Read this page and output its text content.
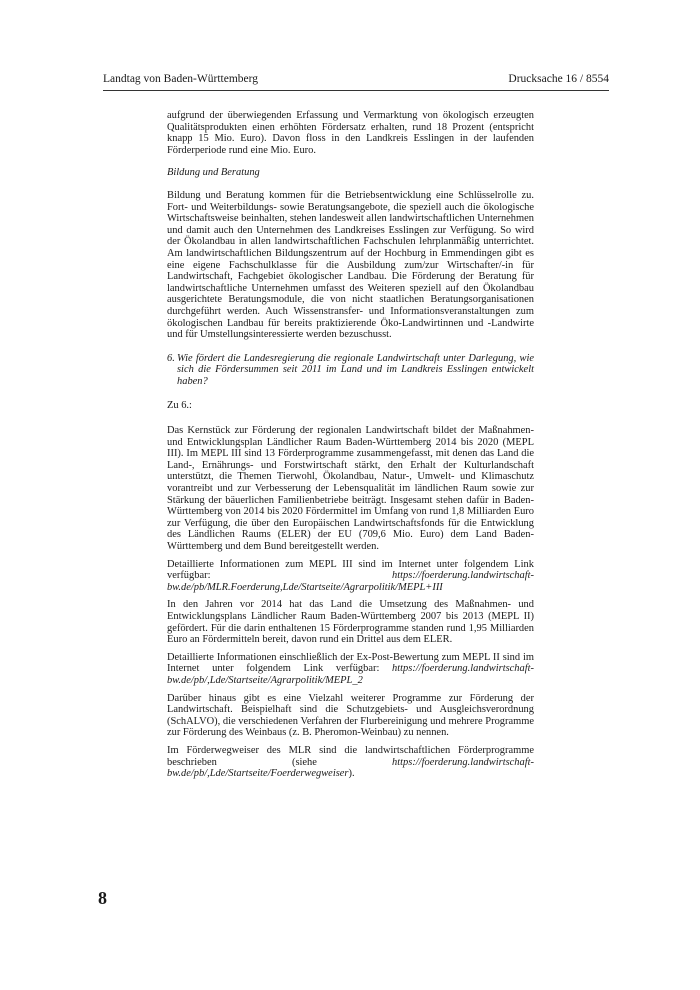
Landtag von Baden-Württemberg	Drucksache 16 / 8554

aufgrund der überwiegenden Erfassung und Vermarktung von ökologisch erzeugten Qualitätsprodukten einen erhöhten Fördersatz erhalten, rund 18 Prozent (entspricht knapp 15 Mio. Euro). Davon floss in den Landkreis Esslingen in der laufenden Förderperiode rund eine Mio. Euro.

Bildung und Beratung

Bildung und Beratung kommen für die Betriebsentwicklung eine Schlüsselrolle zu. Fort- und Weiterbildungs- sowie Beratungsangebote, die speziell auch die ökologische Wirtschaftsweise beinhalten, stehen landesweit allen landwirtschaftlichen Unternehmen und damit auch den Unternehmen des Landkreises Esslingen zur Verfügung. So wird der Ökolandbau in allen landwirtschaftlichen Fachschulen lehrplanmäßig unterrichtet. Am landwirtschaftlichen Bildungszentrum auf der Hochburg in Emmendingen gibt es eine eigene Fachschulklasse für die Ausbildung zum/zur Wirtschafter/-in für Landwirtschaft, Fachgebiet ökologischer Landbau. Die Förderung der Beratung für landwirtschaftliche Unternehmen umfasst des Weiteren speziell auf den Ökolandbau ausgerichtete Beratungsmodule, die von nicht staatlichen Beratungsorganisationen durchgeführt werden. Auch Wissenstransfer- und Informationsveranstaltungen zum ökologischen Landbau für bereits praktizierende Öko-Landwirtinnen und -Landwirte und für Umstellungsinteressierte werden bezuschusst.

6. Wie fördert die Landesregierung die regionale Landwirtschaft unter Darlegung, wie sich die Fördersummen seit 2011 im Land und im Landkreis Esslingen entwickelt haben?

Zu 6.:

Das Kernstück zur Förderung der regionalen Landwirtschaft bildet der Maßnahmen- und Entwicklungsplan Ländlicher Raum Baden-Württemberg 2014 bis 2020 (MEPL III). Im MEPL III sind 13 Förderprogramme zusammengefasst, mit denen das Land die Land-, Ernährungs- und Forstwirtschaft stärkt, den Erhalt der Kulturlandschaft unterstützt, die Themen Tierwohl, Ökolandbau, Natur-, Umwelt- und Klimaschutz vorantreibt und zur Verbesserung der Lebensqualität im ländlichen Raum sowie zur Stärkung der bäuerlichen Familienbetriebe beiträgt. Insgesamt stehen dafür in Baden-Württemberg von 2014 bis 2020 Fördermittel im Umfang von rund 1,8 Milliarden Euro zur Verfügung, die über den Europäischen Landwirtschaftsfonds für die Entwicklung des Ländlichen Raums (ELER) der EU (709,6 Mio. Euro) dem Land Baden-Württemberg und dem Bund bereitgestellt werden.

Detaillierte Informationen zum MEPL III sind im Internet unter folgendem Link verfügbar: https://foerderung.landwirtschaft-bw.de/pb/MLR.Foerderung,Lde/Startseite/Agrarpolitik/MEPL+III

In den Jahren vor 2014 hat das Land die Umsetzung des Maßnahmen- und Entwicklungsplans Ländlicher Raum Baden-Württemberg 2007 bis 2013 (MEPL II) gefördert. Für die darin enthaltenen 15 Förderprogramme standen rund 1,95 Milliarden Euro an Fördermitteln bereit, davon rund ein Drittel aus dem ELER.

Detaillierte Informationen einschließlich der Ex-Post-Bewertung zum MEPL II sind im Internet unter folgendem Link verfügbar: https://foerderung.landwirtschaft-bw.de/pb/,Lde/Startseite/Agrarpolitik/MEPL_2

Darüber hinaus gibt es eine Vielzahl weiterer Programme zur Förderung der Landwirtschaft. Beispielhaft sind die Schutzgebiets- und Ausgleichsverordnung (SchALVO), die verschiedenen Verfahren der Flurbereinigung und mehrere Programme zur Förderung des Weinbaus (z. B. Pheromon-Weinbau) zu nennen.

Im Förderwegweiser des MLR sind die landwirtschaftlichen Förderprogramme beschrieben (siehe https://foerderung.landwirtschaft-bw.de/pb/,Lde/Startseite/Foerderwegweiser).

8
